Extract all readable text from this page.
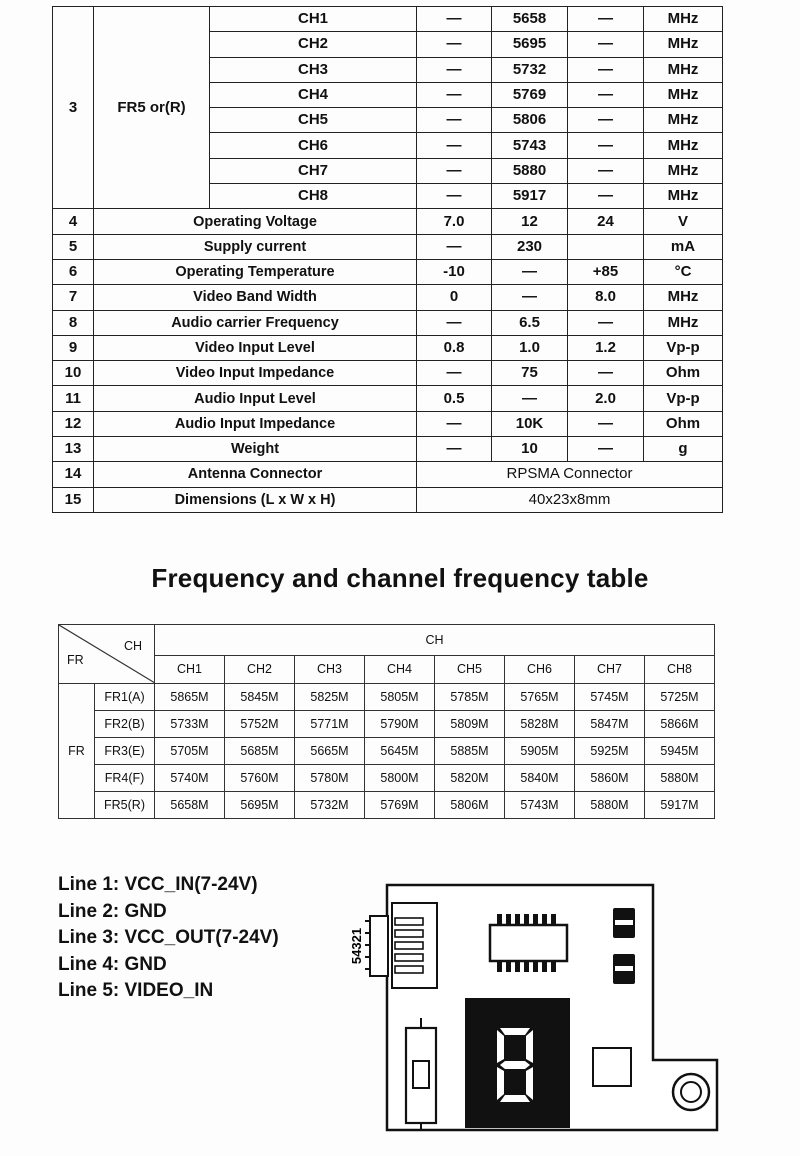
3	FR5 or(R)	CH1	—	5658	—	MHz
		CH2	—	5695	—	MHz
		CH3	—	5732	—	MHz
		CH4	—	5769	—	MHz
		CH5	—	5806	—	MHz
		CH6	—	5743	—	MHz
		CH7	—	5880	—	MHz
		CH8	—	5917	—	MHz
4	Operating Voltage		7.0	12	24	V
5	Supply current		—	230		mA
6	Operating Temperature		-10	—	+85	°C
7	Video Band Width		0	—	8.0	MHz
8	Audio carrier Frequency		—	6.5	—	MHz
9	Video Input Level		0.8	1.0	1.2	Vp-p
10	Video Input Impedance		—	75	—	Ohm
11	Audio Input Level		0.5	—	2.0	Vp-p
12	Audio Input Impedance		—	10K	—	Ohm
13	Weight		—	10	—	g
14	Antenna Connector		RPSMA Connector			
15	Dimensions (L x W x H)		40x23x8mm			
Frequency and channel frequency table
CH
FR		CH							
		CH1	CH2	CH3	CH4	CH5	CH6	CH7	CH8
FR	FR1(A)	5865M	5845M	5825M	5805M	5785M	5765M	5745M	5725M
	FR2(B)	5733M	5752M	5771M	5790M	5809M	5828M	5847M	5866M
	FR3(E)	5705M	5685M	5665M	5645M	5885M	5905M	5925M	5945M
	FR4(F)	5740M	5760M	5780M	5800M	5820M	5840M	5860M	5880M
	FR5(R)	5658M	5695M	5732M	5769M	5806M	5743M	5880M	5917M
Line 1: VCC_IN(7-24V)
Line 2: GND
Line 3: VCC_OUT(7-24V)
Line 4: GND
Line 5: VIDEO_IN
54321
